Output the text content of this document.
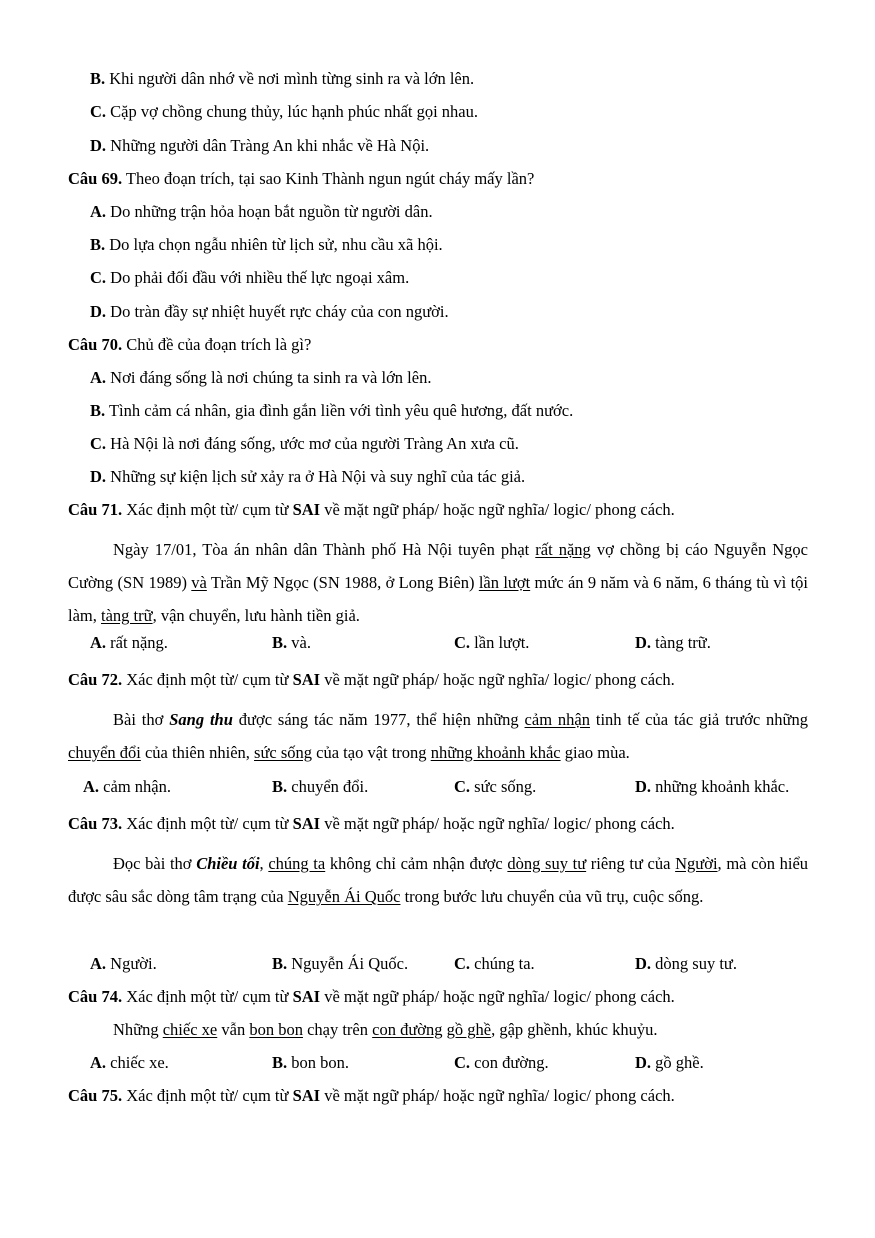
B. Khi người dân nhớ về nơi mình từng sinh ra và lớn lên.
C. Cặp vợ chồng chung thủy, lúc hạnh phúc nhất gọi nhau.
D. Những người dân Tràng An khi nhắc về Hà Nội.
Câu 69. Theo đoạn trích, tại sao Kinh Thành ngun ngút cháy mấy lần?
A. Do những trận hỏa hoạn bắt nguồn từ người dân.
B. Do lựa chọn ngẫu nhiên từ lịch sử, nhu cầu xã hội.
C. Do phải đối đầu với nhiều thế lực ngoại xâm.
D. Do tràn đầy sự nhiệt huyết rực cháy của con người.
Câu 70. Chủ đề của đoạn trích là gì?
A. Nơi đáng sống là nơi chúng ta sinh ra và lớn lên.
B. Tình cảm cá nhân, gia đình gắn liền với tình yêu quê hương, đất nước.
C. Hà Nội là nơi đáng sống, ước mơ của người Tràng An xưa cũ.
D. Những sự kiện lịch sử xảy ra ở Hà Nội và suy nghĩ của tác giả.
Câu 71. Xác định một từ/ cụm từ SAI về mặt ngữ pháp/ hoặc ngữ nghĩa/ logic/ phong cách.
Ngày 17/01, Tòa án nhân dân Thành phố Hà Nội tuyên phạt rất nặng vợ chồng bị cáo Nguyễn Ngọc Cường (SN 1989) và Trần Mỹ Ngọc (SN 1988, ở Long Biên) lần lượt mức án 9 năm và 6 năm, 6 tháng tù vì tội làm, tàng trữ, vận chuyển, lưu hành tiền giả.
A. rất nặng.	B. và.	C. lần lượt.	D. tàng trữ.
Câu 72. Xác định một từ/ cụm từ SAI về mặt ngữ pháp/ hoặc ngữ nghĩa/ logic/ phong cách.
Bài thơ Sang thu được sáng tác năm 1977, thể hiện những cảm nhận tinh tế của tác giả trước những chuyển đổi của thiên nhiên, sức sống của tạo vật trong những khoảnh khắc giao mùa.
A. cảm nhận.	B. chuyển đổi.	C. sức sống.	D. những khoảnh khắc.
Câu 73. Xác định một từ/ cụm từ SAI về mặt ngữ pháp/ hoặc ngữ nghĩa/ logic/ phong cách.
Đọc bài thơ Chiều tối, chúng ta không chỉ cảm nhận được dòng suy tư riêng tư của Người, mà còn hiểu được sâu sắc dòng tâm trạng của Nguyễn Ái Quốc trong bước lưu chuyển của vũ trụ, cuộc sống.
A. Người.	B. Nguyễn Ái Quốc.	C. chúng ta.	D. dòng suy tư.
Câu 74. Xác định một từ/ cụm từ SAI về mặt ngữ pháp/ hoặc ngữ nghĩa/ logic/ phong cách.
Những chiếc xe vẫn bon bon chạy trên con đường gồ ghề, gập ghềnh, khúc khuỷu.
A. chiếc xe.	B. bon bon.	C. con đường.	D. gồ ghề.
Câu 75. Xác định một từ/ cụm từ SAI về mặt ngữ pháp/ hoặc ngữ nghĩa/ logic/ phong cách.
